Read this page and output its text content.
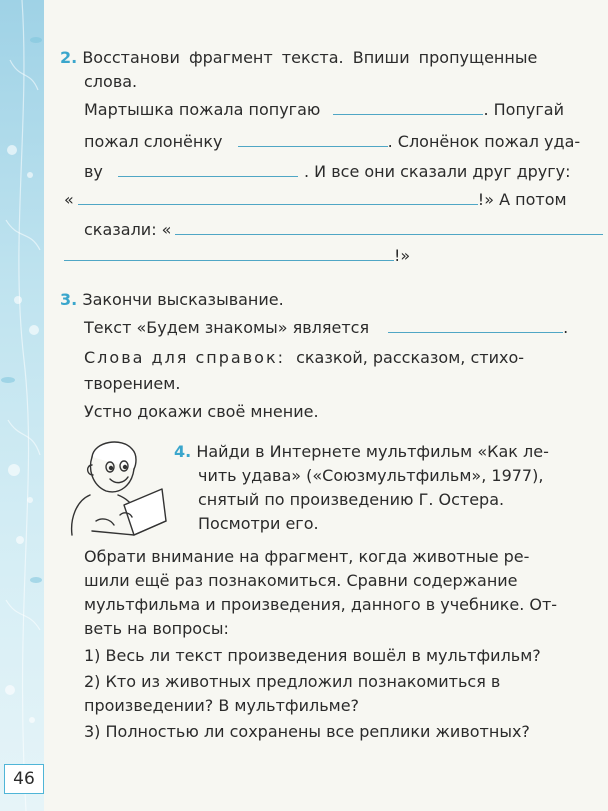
46
2. Восстанови фрагмент текста. Впиши пропущенные
слова.
Мартышка пожала попугаю	. Попугай
пожал слонёнку	. Слонёнок пожал уда-
ву	. И все они сказали друг другу:
«	!» А потом
сказали: «
!»
3. Закончи высказывание.
Текст «Будем знакомы» является	.
Слова для справок: сказкой, рассказом, стихо-
творением.
Устно докажи своё мнение.
4. Найди в Интернете мультфильм «Как ле-
чить удава» («Союзмультфильм», 1977),
снятый по произведению Г. Остера.
Посмотри его.
Обрати внимание на фрагмент, когда животные ре-
шили ещё раз познакомиться. Сравни содержание
мультфильма и произведения, данного в учебнике. От-
веть на вопросы:
1) Весь ли текст произведения вошёл в мультфильм?
2) Кто из животных предложил познакомиться в
произведении? В мультфильме?
3) Полностью ли сохранены все реплики животных?
